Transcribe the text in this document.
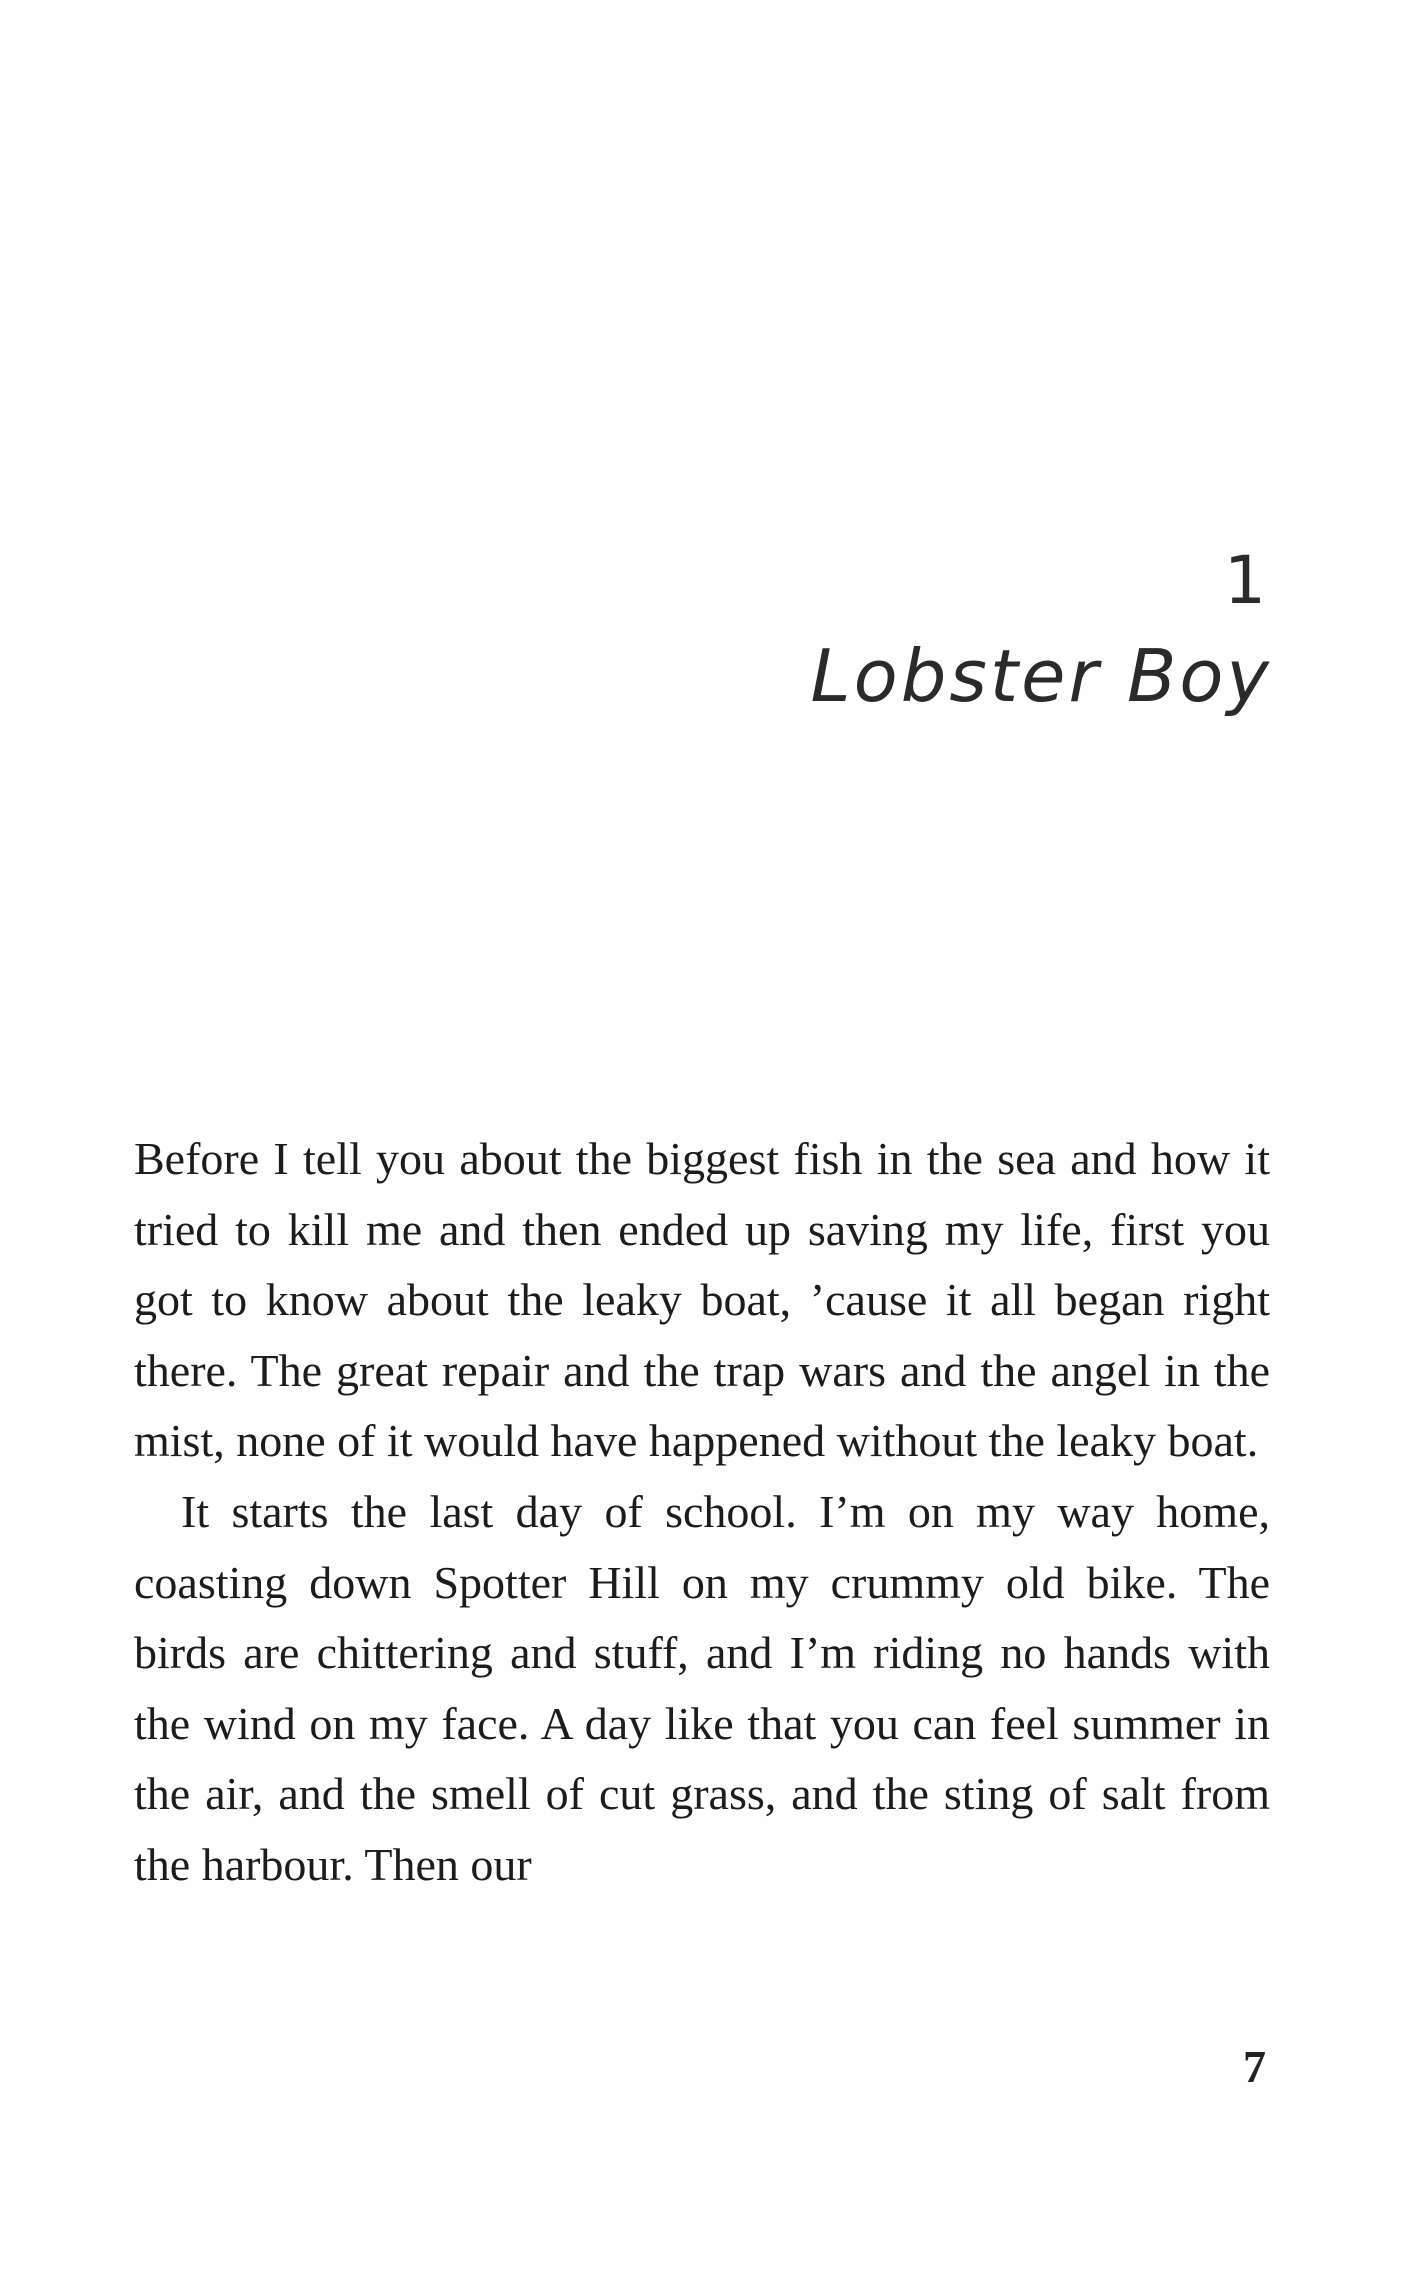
1
Lobster Boy

Before I tell you about the biggest fish in the sea and how it tried to kill me and then ended up saving my life, first you got to know about the leaky boat, ’cause it all began right there. The great repair and the trap wars and the angel in the mist, none of it would have happened without the leaky boat.

It starts the last day of school. I’m on my way home, coasting down Spotter Hill on my crummy old bike. The birds are chittering and stuff, and I’m riding no hands with the wind on my face. A day like that you can feel summer in the air, and the smell of cut grass, and the sting of salt from the harbour. Then our

7
